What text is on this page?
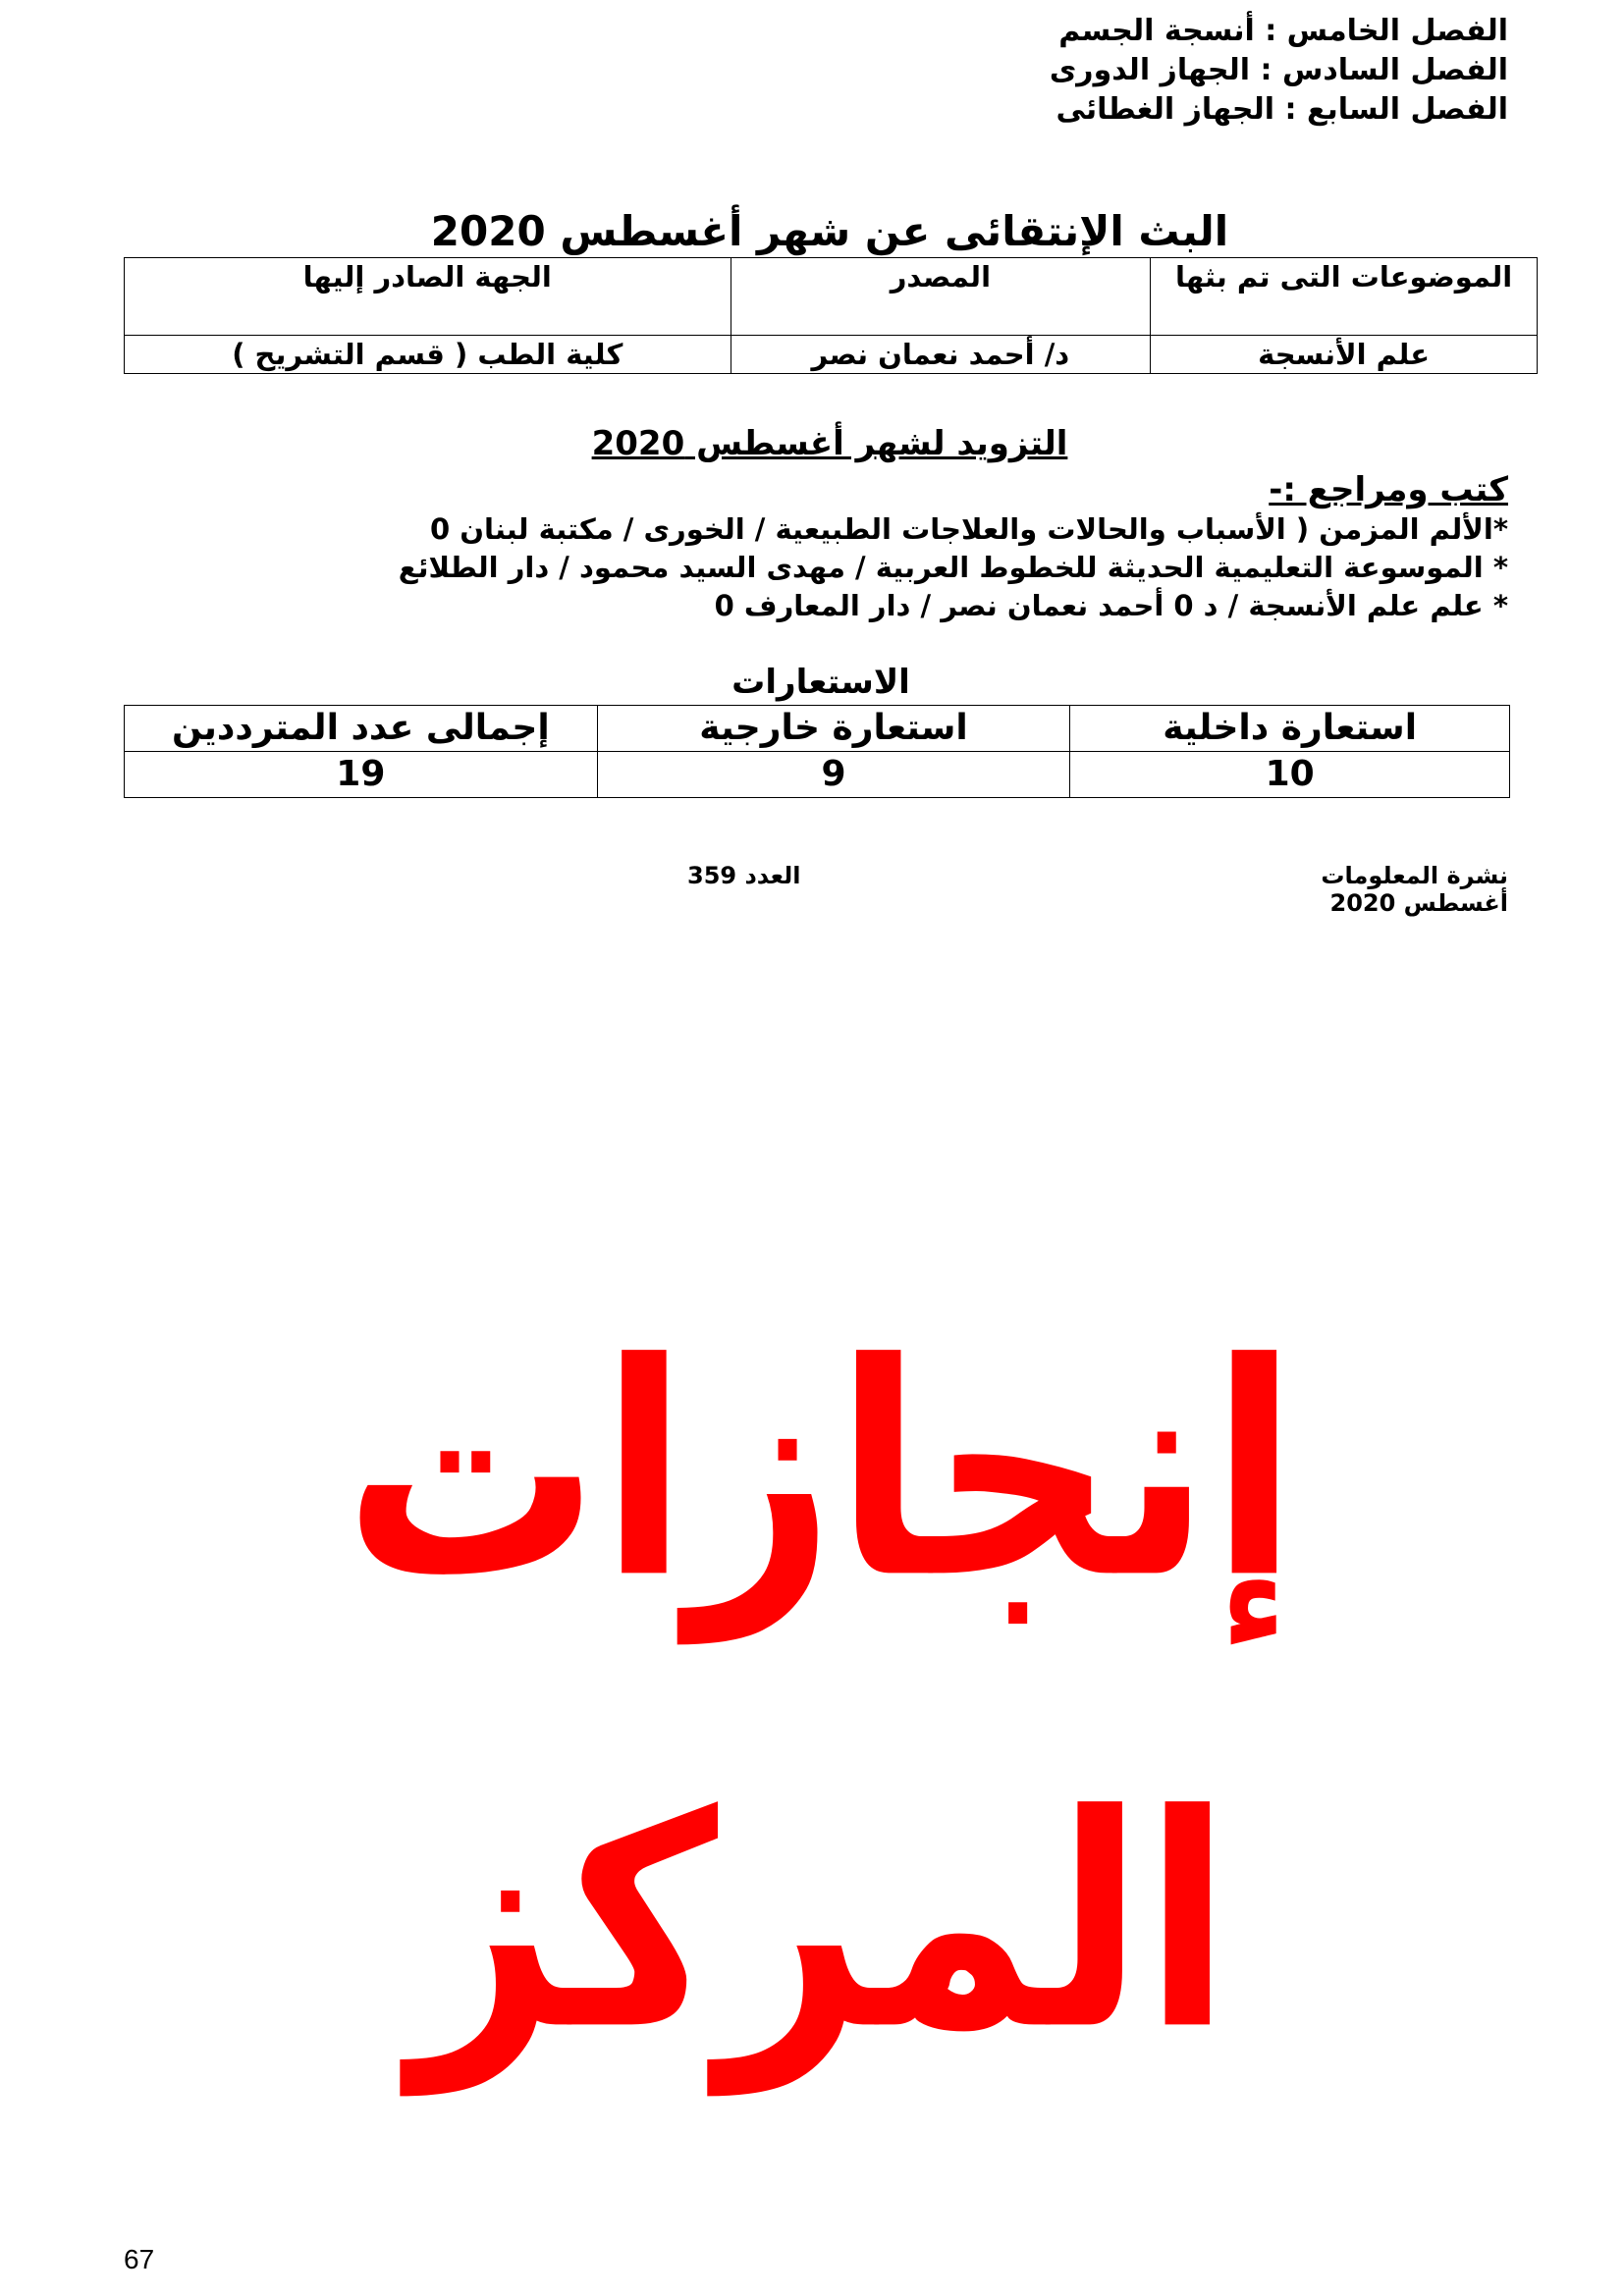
الفصل الخامس : أنسجة الجسم
الفصل السادس : الجهاز الدورى
الفصل السابع : الجهاز الغطائى
البث الإنتقائى عن شهر أغسطس 2020
الموضوعات التى تم بثها	المصدر	الجهة الصادر إليها
علم الأنسجة	د/ أحمد نعمان نصر	كلية الطب ( قسم التشريح )
التزويد لشهر أغسطس 2020
كتب ومراجع :-
*الألم المزمن ( الأسباب والحالات والعلاجات الطبيعية / الخورى / مكتبة لبنان 0
* الموسوعة التعليمية الحديثة للخطوط العربية / مهدى السيد محمود / دار الطلائع
* علم علم الأنسجة / د 0 أحمد نعمان نصر / دار المعارف 0
الاستعارات
استعارة داخلية	استعارة خارجية	إجمالى عدد المترددين
10	9	19
نشرة المعلومات
أغسطس 2020
العدد 359
إنجازات المركز
67
